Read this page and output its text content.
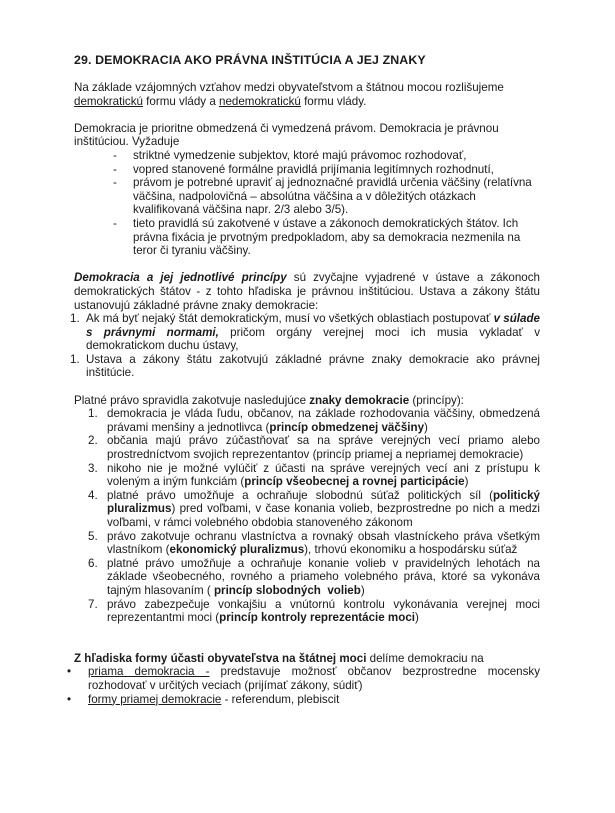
29. DEMOKRACIA AKO PRÁVNA INŠTITÚCIA A JEJ ZNAKY

Na základe vzájomných vzťahov medzi obyvateľstvom a štátnou mocou rozlišujeme demokratickú formu vlády a nedemokratickú formu vlády.

Demokracia je prioritne obmedzená či vymedzená právom. Demokracia je právnou inštitúciou. Vyžaduje

-	striktné vymedzenie subjektov, ktoré majú právomoc rozhodovať,
-	vopred stanovené formálne pravidlá prijímania legitímnych rozhodnutí,
-	právom je potrebné upraviť aj jednoznačné pravidlá určenia väčšiny (relatívna väčšina, nadpolovičná – absolútna väčšina a v dôležitých otázkach kvalifikovaná väčšina napr. 2/3 alebo 3/5).
-	tieto pravidlá sú zakotvené v ústave a zákonoch demokratických štátov. Ich právna fixácia je prvotným predpokladom, aby sa demokracia nezmenila na teror či tyraniu väčšiny.

Demokracia a jej jednotlivé princípy sú zvyčajne vyjadrené v ústave a zákonoch demokratických štátov - z tohto hľadiska je právnou inštitúciou. Ustava a zákony štátu ustanovujú základné právne znaky demokracie:

1. Ak má byť nejaký štát demokratickým, musí vo všetkých oblastiach postupovať v súlade s právnymi normami, pričom orgány verejnej moci ich musia vykladať v demokratickom duchu ústavy,
1. Ustava a zákony štátu zakotvujú základné právne znaky demokracie ako právnej inštitúcie.

Platné právo spravidla zakotvuje nasledujúce znaky demokracie (princípy):

1. demokracia je vláda ľudu, občanov, na základe rozhodovania väčšiny, obmedzená právami menšiny a jednotlivca (princíp obmedzenej väčšiny)
2. občania majú právo zúčastňovať sa na správe verejných vecí priamo alebo prostredníctvom svojich reprezentantov (princíp priamej a nepriamej demokracie)
3. nikoho nie je možné vylúčiť z účasti na správe verejných vecí ani z prístupu k voleným a iným funkciám (princíp všeobecnej a rovnej participácie)
4. platné právo umožňuje a ochraňuje slobodnú súťaž politických síl (politický pluralizmus) pred voľbami, v čase konania volieb, bezprostredne po nich a medzi voľbami, v rámci volebného obdobia stanoveného zákonom
5. právo zakotvuje ochranu vlastníctva a rovnaký obsah vlastníckeho práva všetkým vlastníkom (ekonomický pluralizmus), trhovú ekonomiku a hospodársku súťaž
6. platné právo umožňuje a ochraňuje konanie volieb v pravidelných lehotách na základe všeobecného, rovného a priameho volebného práva, ktoré sa vykonáva tajným hlasovaním ( princíp slobodných  volieb)
7. právo zabezpečuje vonkajšiu a vnútornú kontrolu vykonávania verejnej moci reprezentantmi moci (princíp kontroly reprezentácie moci)

Z hľadiska formy účasti obyvateľstva na štátnej moci delíme demokraciu na

•	priama demokracia - predstavuje možnosť občanov bezprostredne mocensky rozhodovať v určitých veciach (prijímať zákony, súdiť)
•	formy priamej demokracie - referendum, plebiscit
